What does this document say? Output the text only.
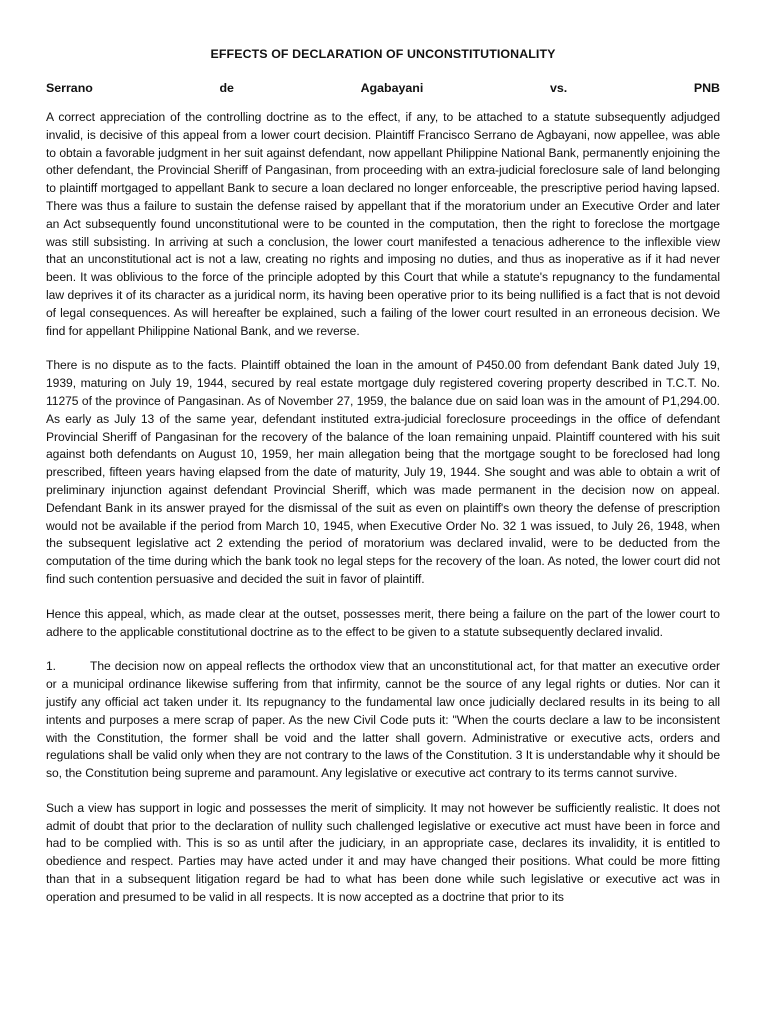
EFFECTS OF DECLARATION OF UNCONSTITUTIONALITY
Serrano	de	Agabayani	vs.	PNB

A correct appreciation of the controlling doctrine as to the effect, if any, to be attached to a statute subsequently adjudged invalid, is decisive of this appeal from a lower court decision. Plaintiff Francisco Serrano de Agbayani, now appellee, was able to obtain a favorable judgment in her suit against defendant, now appellant Philippine National Bank, permanently enjoining the other defendant, the Provincial Sheriff of Pangasinan, from proceeding with an extra-judicial foreclosure sale of land belonging to plaintiff mortgaged to appellant Bank to secure a loan declared no longer enforceable, the prescriptive period having lapsed. There was thus a failure to sustain the defense raised by appellant that if the moratorium under an Executive Order and later an Act subsequently found unconstitutional were to be counted in the computation, then the right to foreclose the mortgage was still subsisting. In arriving at such a conclusion, the lower court manifested a tenacious adherence to the inflexible view that an unconstitutional act is not a law, creating no rights and imposing no duties, and thus as inoperative as if it had never been. It was oblivious to the force of the principle adopted by this Court that while a statute's repugnancy to the fundamental law deprives it of its character as a juridical norm, its having been operative prior to its being nullified is a fact that is not devoid of legal consequences. As will hereafter be explained, such a failing of the lower court resulted in an erroneous decision. We find for appellant Philippine National Bank, and we reverse.

There is no dispute as to the facts. Plaintiff obtained the loan in the amount of P450.00 from defendant Bank dated July 19, 1939, maturing on July 19, 1944, secured by real estate mortgage duly registered covering property described in T.C.T. No. 11275 of the province of Pangasinan. As of November 27, 1959, the balance due on said loan was in the amount of P1,294.00. As early as July 13 of the same year, defendant instituted extra-judicial foreclosure proceedings in the office of defendant Provincial Sheriff of Pangasinan for the recovery of the balance of the loan remaining unpaid. Plaintiff countered with his suit against both defendants on August 10, 1959, her main allegation being that the mortgage sought to be foreclosed had long prescribed, fifteen years having elapsed from the date of maturity, July 19, 1944. She sought and was able to obtain a writ of preliminary injunction against defendant Provincial Sheriff, which was made permanent in the decision now on appeal. Defendant Bank in its answer prayed for the dismissal of the suit as even on plaintiff's own theory the defense of prescription would not be available if the period from March 10, 1945, when Executive Order No. 32 1 was issued, to July 26, 1948, when the subsequent legislative act 2 extending the period of moratorium was declared invalid, were to be deducted from the computation of the time during which the bank took no legal steps for the recovery of the loan. As noted, the lower court did not find such contention persuasive and decided the suit in favor of plaintiff.

Hence this appeal, which, as made clear at the outset, possesses merit, there being a failure on the part of the lower court to adhere to the applicable constitutional doctrine as to the effect to be given to a statute subsequently declared invalid.

1.	The decision now on appeal reflects the orthodox view that an unconstitutional act, for that matter an executive order or a municipal ordinance likewise suffering from that infirmity, cannot be the source of any legal rights or duties. Nor can it justify any official act taken under it. Its repugnancy to the fundamental law once judicially declared results in its being to all intents and purposes a mere scrap of paper. As the new Civil Code puts it: "When the courts declare a law to be inconsistent with the Constitution, the former shall be void and the latter shall govern. Administrative or executive acts, orders and regulations shall be valid only when they are not contrary to the laws of the Constitution. 3 It is understandable why it should be so, the Constitution being supreme and paramount. Any legislative or executive act contrary to its terms cannot survive.

Such a view has support in logic and possesses the merit of simplicity. It may not however be sufficiently realistic. It does not admit of doubt that prior to the declaration of nullity such challenged legislative or executive act must have been in force and had to be complied with. This is so as until after the judiciary, in an appropriate case, declares its invalidity, it is entitled to obedience and respect. Parties may have acted under it and may have changed their positions. What could be more fitting than that in a subsequent litigation regard be had to what has been done while such legislative or executive act was in operation and presumed to be valid in all respects. It is now accepted as a doctrine that prior to its
